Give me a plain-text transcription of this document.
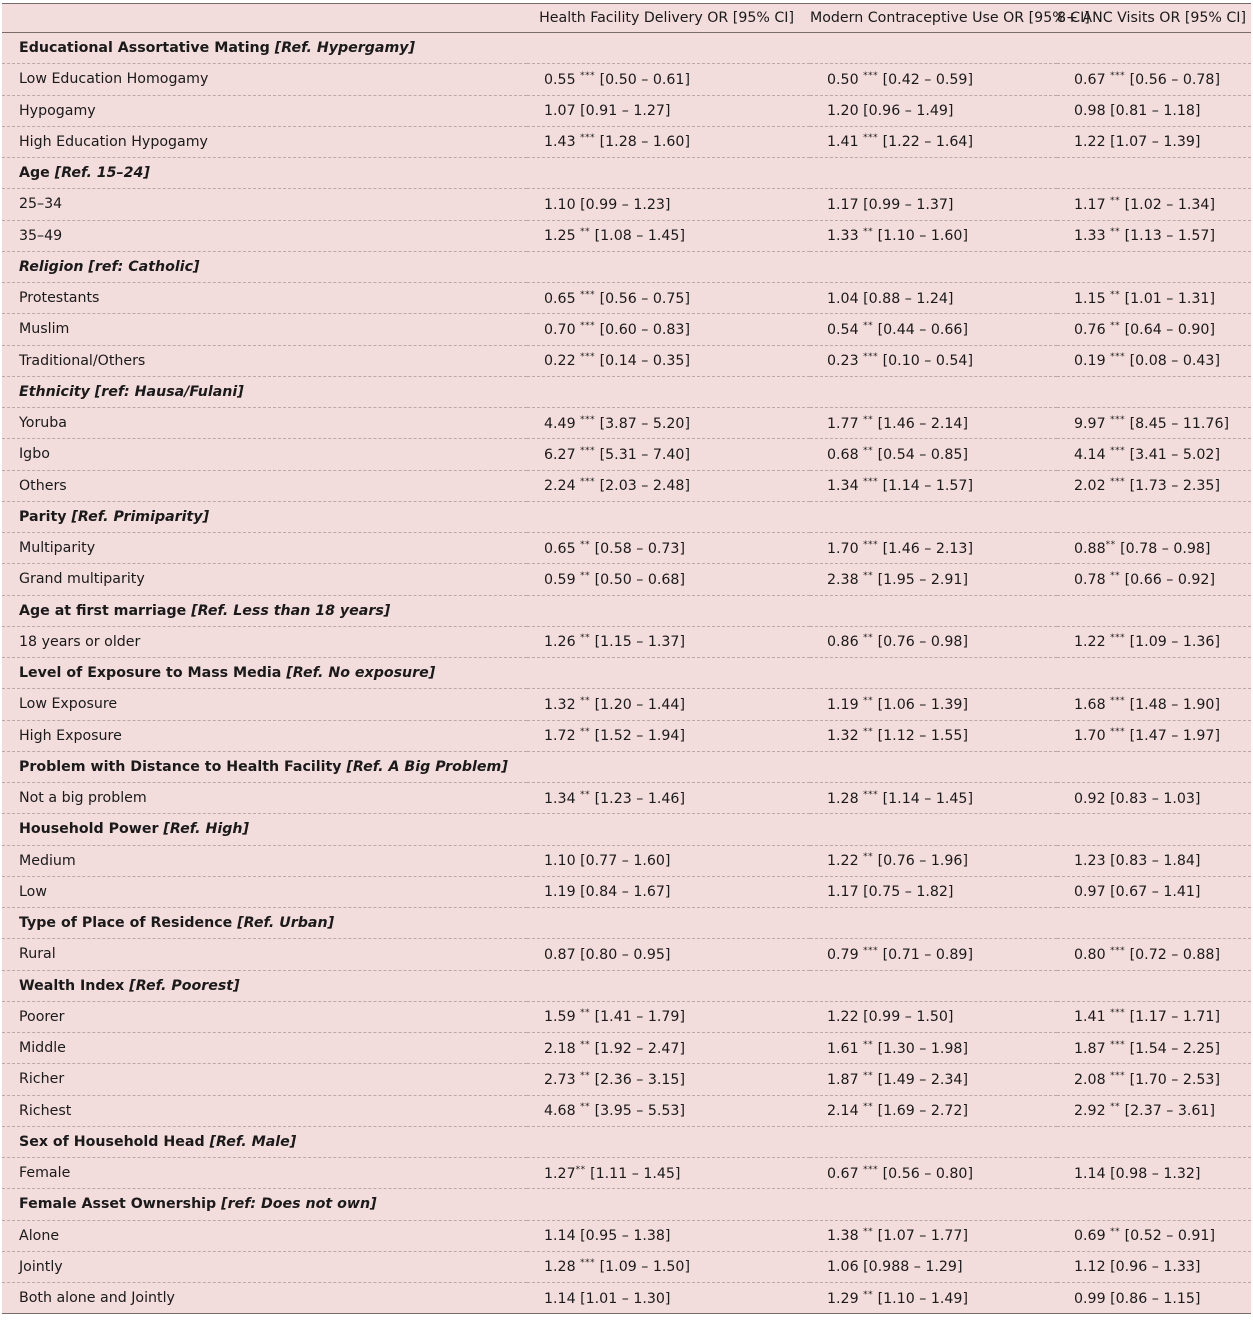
	Health Facility Delivery OR [95% CI]	Modern Contraceptive Use OR [95% CI]	8+ ANC Visits OR [95% CI]
Educational Assortative Mating [Ref. Hypergamy]			
Low Education Homogamy	0.55 *** [0.50 – 0.61]	0.50 *** [0.42 – 0.59]	0.67 *** [0.56 – 0.78]
Hypogamy	1.07 [0.91 – 1.27]	1.20 [0.96 – 1.49]	0.98 [0.81 – 1.18]
High Education Hypogamy	1.43 *** [1.28 – 1.60]	1.41 *** [1.22 – 1.64]	1.22 [1.07 – 1.39]
Age [Ref. 15–24]			
25–34	1.10 [0.99 – 1.23]	1.17 [0.99 – 1.37]	1.17 ** [1.02 – 1.34]
35–49	1.25 ** [1.08 – 1.45]	1.33 ** [1.10 – 1.60]	1.33 ** [1.13 – 1.57]
Religion [ref: Catholic]			
Protestants	0.65 *** [0.56 – 0.75]	1.04 [0.88 – 1.24]	1.15 ** [1.01 – 1.31]
Muslim	0.70 *** [0.60 – 0.83]	0.54 ** [0.44 – 0.66]	0.76 ** [0.64 – 0.90]
Traditional/Others	0.22 *** [0.14 – 0.35]	0.23 *** [0.10 – 0.54]	0.19 *** [0.08 – 0.43]
Ethnicity [ref: Hausa/Fulani]			
Yoruba	4.49 *** [3.87 – 5.20]	1.77 ** [1.46 – 2.14]	9.97 *** [8.45 – 11.76]
Igbo	6.27 *** [5.31 – 7.40]	0.68 ** [0.54 – 0.85]	4.14 *** [3.41 – 5.02]
Others	2.24 *** [2.03 – 2.48]	1.34 *** [1.14 – 1.57]	2.02 *** [1.73 – 2.35]
Parity [Ref. Primiparity]			
Multiparity	0.65 ** [0.58 – 0.73]	1.70 *** [1.46 – 2.13]	0.88** [0.78 – 0.98]
Grand multiparity	0.59 ** [0.50 – 0.68]	2.38 ** [1.95 – 2.91]	0.78 ** [0.66 – 0.92]
Age at first marriage [Ref. Less than 18 years]			
18 years or older	1.26 ** [1.15 – 1.37]	0.86 ** [0.76 – 0.98]	1.22 *** [1.09 – 1.36]
Level of Exposure to Mass Media [Ref. No exposure]			
Low Exposure	1.32 ** [1.20 – 1.44]	1.19 ** [1.06 – 1.39]	1.68 *** [1.48 – 1.90]
High Exposure	1.72 ** [1.52 – 1.94]	1.32 ** [1.12 – 1.55]	1.70 *** [1.47 – 1.97]
Problem with Distance to Health Facility [Ref. A Big Problem]			
Not a big problem	1.34 ** [1.23 – 1.46]	1.28 *** [1.14 – 1.45]	0.92 [0.83 – 1.03]
Household Power [Ref. High]			
Medium	1.10 [0.77 – 1.60]	1.22 ** [0.76 – 1.96]	1.23 [0.83 – 1.84]
Low	1.19 [0.84 – 1.67]	1.17 [0.75 – 1.82]	0.97 [0.67 – 1.41]
Type of Place of Residence [Ref. Urban]			
Rural	0.87 [0.80 – 0.95]	0.79 *** [0.71 – 0.89]	0.80 *** [0.72 – 0.88]
Wealth Index [Ref. Poorest]			
Poorer	1.59 ** [1.41 – 1.79]	1.22 [0.99 – 1.50]	1.41 *** [1.17 – 1.71]
Middle	2.18 ** [1.92 – 2.47]	1.61 ** [1.30 – 1.98]	1.87 *** [1.54 – 2.25]
Richer	2.73 ** [2.36 – 3.15]	1.87 ** [1.49 – 2.34]	2.08 *** [1.70 – 2.53]
Richest	4.68 ** [3.95 – 5.53]	2.14 ** [1.69 – 2.72]	2.92 ** [2.37 – 3.61]
Sex of Household Head [Ref. Male]			
Female	1.27** [1.11 – 1.45]	0.67 *** [0.56 – 0.80]	1.14 [0.98 – 1.32]
Female Asset Ownership [ref: Does not own]			
Alone	1.14 [0.95 – 1.38]	1.38 ** [1.07 – 1.77]	0.69 ** [0.52 – 0.91]
Jointly	1.28 *** [1.09 – 1.50]	1.06 [0.988 – 1.29]	1.12 [0.96 – 1.33]
Both alone and Jointly	1.14 [1.01 – 1.30]	1.29 ** [1.10 – 1.49]	0.99 [0.86 – 1.15]
